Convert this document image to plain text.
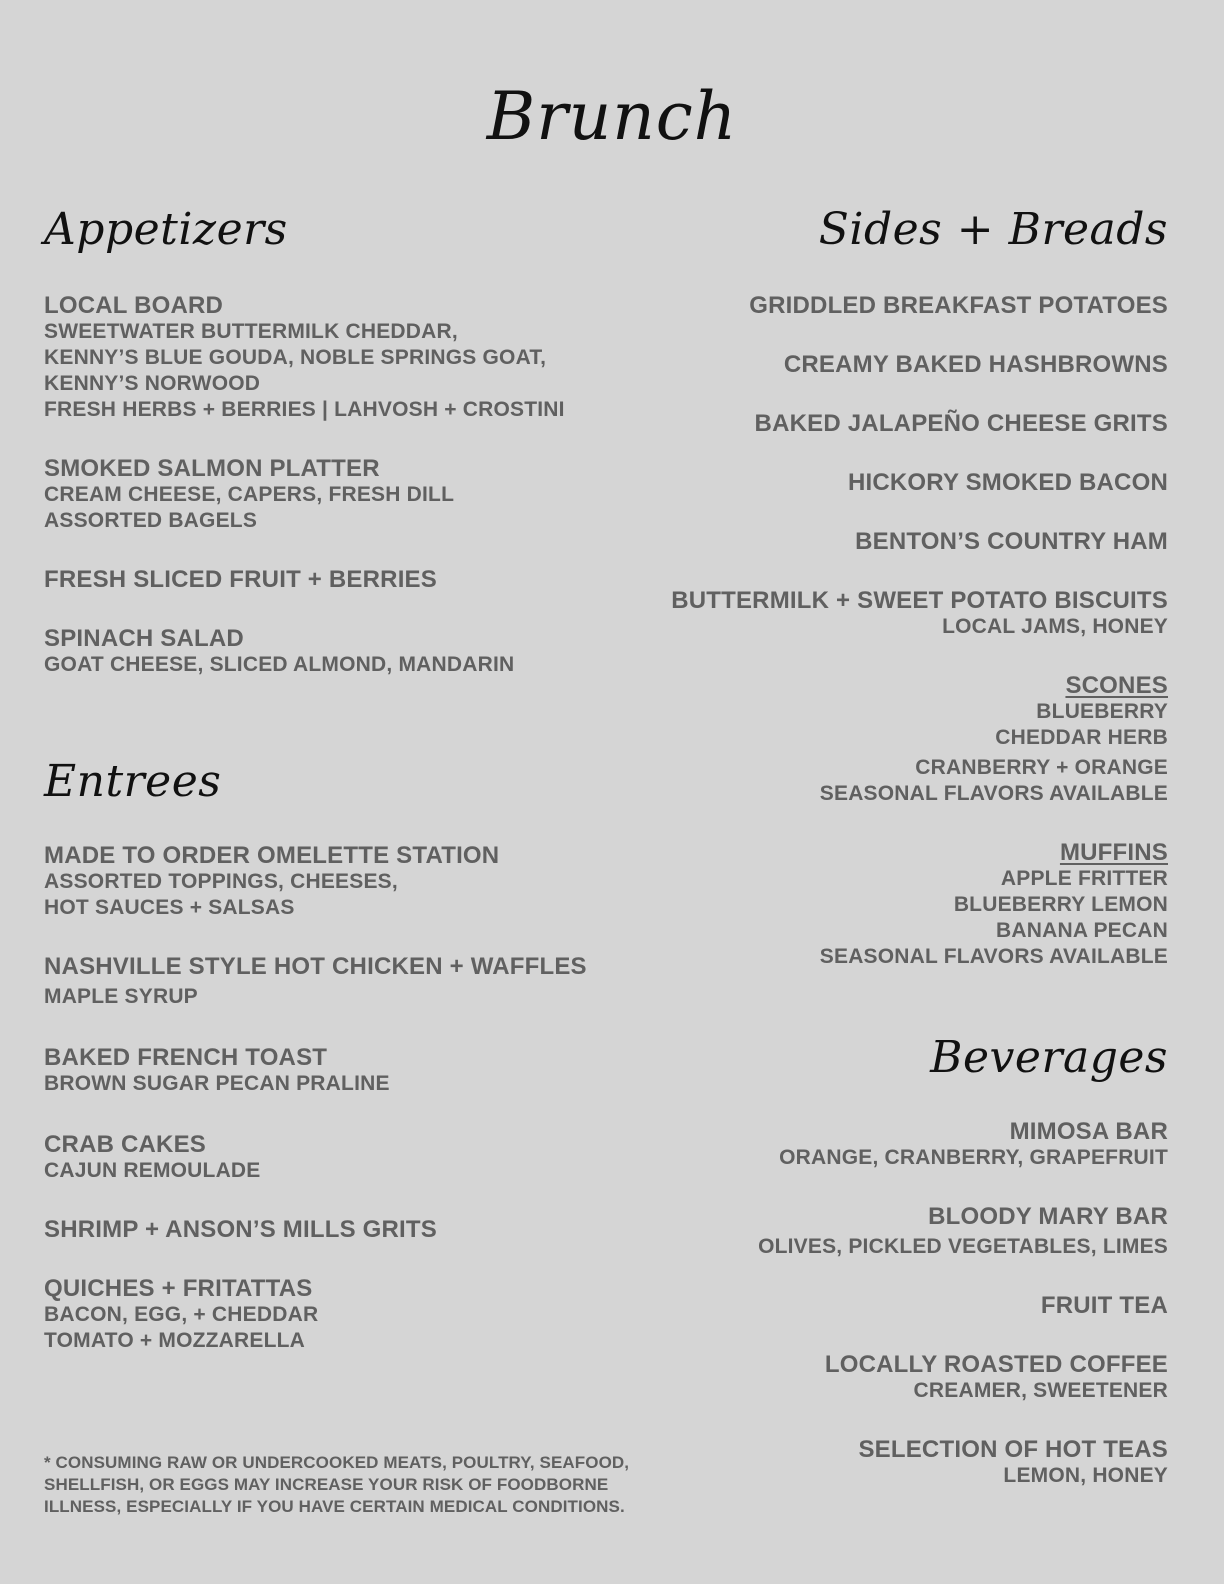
Brunch
Appetizers
LOCAL BOARD
SWEETWATER BUTTERMILK CHEDDAR,
KENNY’S BLUE GOUDA, NOBLE SPRINGS GOAT,
KENNY’S NORWOOD
FRESH HERBS + BERRIES | LAHVOSH + CROSTINI
SMOKED SALMON PLATTER
CREAM CHEESE, CAPERS, FRESH DILL
ASSORTED BAGELS
FRESH SLICED FRUIT + BERRIES
SPINACH SALAD
GOAT CHEESE, SLICED ALMOND, MANDARIN
Entrees
MADE TO ORDER OMELETTE STATION
ASSORTED TOPPINGS, CHEESES,
HOT SAUCES + SALSAS
NASHVILLE STYLE HOT CHICKEN + WAFFLES
MAPLE SYRUP
BAKED FRENCH TOAST
BROWN SUGAR PECAN PRALINE
CRAB CAKES
CAJUN REMOULADE
SHRIMP + ANSON’S MILLS GRITS
QUICHES + FRITATTAS
BACON, EGG, + CHEDDAR
TOMATO + MOZZARELLA
* CONSUMING RAW OR UNDERCOOKED MEATS, POULTRY, SEAFOOD, SHELLFISH, OR EGGS MAY INCREASE YOUR RISK OF FOODBORNE ILLNESS, ESPECIALLY IF YOU HAVE CERTAIN MEDICAL CONDITIONS.
Sides + Breads
GRIDDLED BREAKFAST POTATOES
CREAMY BAKED HASHBROWNS
BAKED JALAPEÑO CHEESE GRITS
HICKORY SMOKED BACON
BENTON’S COUNTRY HAM
BUTTERMILK + SWEET POTATO BISCUITS
LOCAL JAMS, HONEY
SCONES
BLUEBERRY
CHEDDAR HERB
CRANBERRY + ORANGE
SEASONAL FLAVORS AVAILABLE
MUFFINS
APPLE FRITTER
BLUEBERRY LEMON
BANANA PECAN
SEASONAL FLAVORS AVAILABLE
Beverages
MIMOSA BAR
ORANGE, CRANBERRY, GRAPEFRUIT
BLOODY MARY BAR
OLIVES, PICKLED VEGETABLES, LIMES
FRUIT TEA
LOCALLY ROASTED COFFEE
CREAMER, SWEETENER
SELECTION OF HOT TEAS
LEMON, HONEY
